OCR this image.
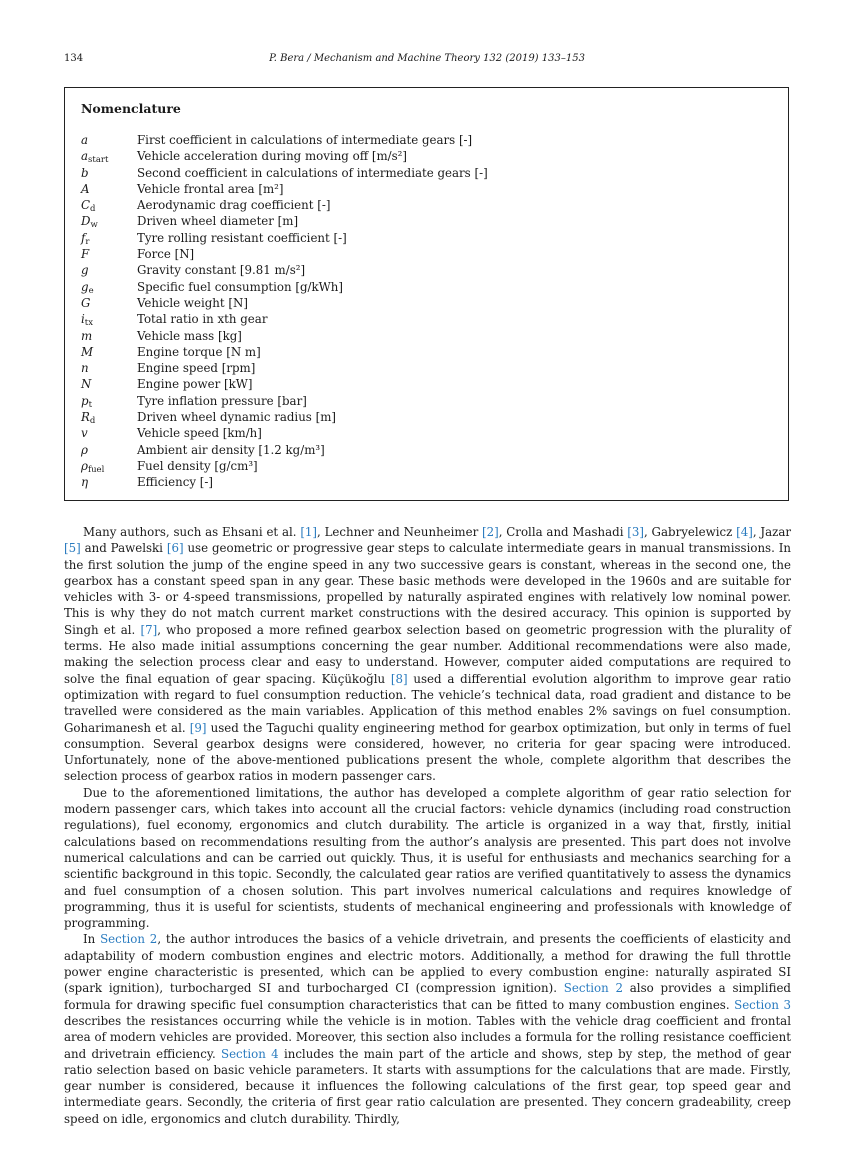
134	P. Bera / Mechanism and Machine Theory 132 (2019) 133–153
Nomenclature
a	First coefficient in calculations of intermediate gears [-]
$a_{start}$ Vehicle acceleration during moving off [m/s²]
b	Second coefficient in calculations of intermediate gears [-]
A	Vehicle frontal area [m²]
$C_d$	Aerodynamic drag coefficient [-]
$D_w$	Driven wheel diameter [m]
$f_r$	Tyre rolling resistant coefficient [-]
F	Force [N]
g	Gravity constant [9.81 m/s²]
$g_e$	Specific fuel consumption [g/kWh]
G	Vehicle weight [N]
$i_{tx}$	Total ratio in xth gear
m	Vehicle mass [kg]
M	Engine torque [N m]
n	Engine speed [rpm]
N	Engine power [kW]
$p_t$	Tyre inflation pressure [bar]
$R_d$	Driven wheel dynamic radius [m]
v	Vehicle speed [km/h]
ρ	Ambient air density [1.2 kg/m³]
$\rho_{fuel}$	Fuel density [g/cm³]
η	Efficiency [-]

Many authors, such as Ehsani et al. [1], Lechner and Neunheimer [2], Crolla and Mashadi [3], Gabryelewicz [4], Jazar [5] and Pawelski [6] use geometric or progressive gear steps to calculate intermediate gears in manual transmissions. In the first solution the jump of the engine speed in any two successive gears is constant, whereas in the second one, the gearbox has a constant speed span in any gear. These basic methods were developed in the 1960s and are suitable for vehicles with 3- or 4-speed transmissions, propelled by naturally aspirated engines with relatively low nominal power. This is why they do not match current market constructions with the desired accuracy. This opinion is supported by Singh et al. [7], who proposed a more refined gearbox selection based on geometric progression with the plurality of terms. He also made initial assumptions concerning the gear number. Additional recommendations were also made, making the selection process clear and easy to understand. However, computer aided computations are required to solve the final equation of gear spacing. Küçükoğlu [8] used a differential evolution algorithm to improve gear ratio optimization with regard to fuel consumption reduction. The vehicle’s technical data, road gradient and distance to be travelled were considered as the main variables. Application of this method enables 2% savings on fuel consumption. Goharimanesh et al. [9] used the Taguchi quality engineering method for gearbox optimization, but only in terms of fuel consumption. Several gearbox designs were considered, however, no criteria for gear spacing were introduced. Unfortunately, none of the above-mentioned publications present the whole, complete algorithm that describes the selection process of gearbox ratios in modern passenger cars.

Due to the aforementioned limitations, the author has developed a complete algorithm of gear ratio selection for modern passenger cars, which takes into account all the crucial factors: vehicle dynamics (including road construction regulations), fuel economy, ergonomics and clutch durability. The article is organized in a way that, firstly, initial calculations based on recommendations resulting from the author’s analysis are presented. This part does not involve numerical calculations and can be carried out quickly. Thus, it is useful for enthusiasts and mechanics searching for a scientific background in this topic. Secondly, the calculated gear ratios are verified quantitatively to assess the dynamics and fuel consumption of a chosen solution. This part involves numerical calculations and requires knowledge of programming, thus it is useful for scientists, students of mechanical engineering and professionals with knowledge of programming.

In Section 2, the author introduces the basics of a vehicle drivetrain, and presents the coefficients of elasticity and adaptability of modern combustion engines and electric motors. Additionally, a method for drawing the full throttle power engine characteristic is presented, which can be applied to every combustion engine: naturally aspirated SI (spark ignition), turbocharged SI and turbocharged CI (compression ignition). Section 2 also provides a simplified formula for drawing specific fuel consumption characteristics that can be fitted to many combustion engines. Section 3 describes the resistances occurring while the vehicle is in motion. Tables with the vehicle drag coefficient and frontal area of modern vehicles are provided. Moreover, this section also includes a formula for the rolling resistance coefficient and drivetrain efficiency. Section 4 includes the main part of the article and shows, step by step, the method of gear ratio selection based on basic vehicle parameters. It starts with assumptions for the calculations that are made. Firstly, gear number is considered, because it influences the following calculations of the first gear, top speed gear and intermediate gears. Secondly, the criteria of first gear ratio calculation are presented. They concern gradeability, creep speed on idle, ergonomics and clutch durability. Thirdly,
